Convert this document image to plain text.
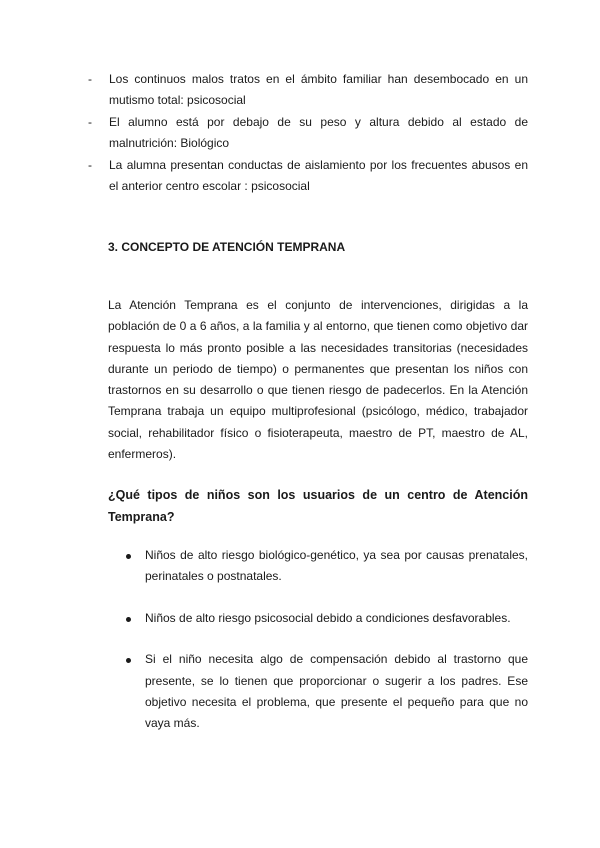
- Los continuos malos tratos en el ámbito familiar han desembocado en un mutismo total: psicosocial
- El alumno está por debajo de su peso y altura debido al estado de malnutrición: Biológico
- La alumna presentan conductas de aislamiento por los frecuentes abusos en el anterior centro escolar : psicosocial
3. CONCEPTO DE ATENCIÓN TEMPRANA

La Atención Temprana es el conjunto de intervenciones, dirigidas a la población de 0 a 6 años, a la familia y al entorno, que tienen como objetivo dar respuesta lo más pronto posible a las necesidades transitorias (necesidades durante un periodo de tiempo) o permanentes que presentan los niños con trastornos en su desarrollo o que tienen riesgo de padecerlos. En la Atención Temprana trabaja un equipo multiprofesional (psicólogo, médico, trabajador social, rehabilitador físico o fisioterapeuta, maestro de PT, maestro de AL, enfermeros).

¿Qué tipos de niños son los usuarios de un centro de Atención Temprana?

Niños de alto riesgo biológico-genético, ya sea por causas prenatales, perinatales o postnatales.
Niños de alto riesgo psicosocial debido a condiciones desfavorables.
Si el niño necesita algo de compensación debido al trastorno que presente, se lo tienen que proporcionar o sugerir a los padres. Ese objetivo necesita el problema, que presente el pequeño para que no vaya más.
